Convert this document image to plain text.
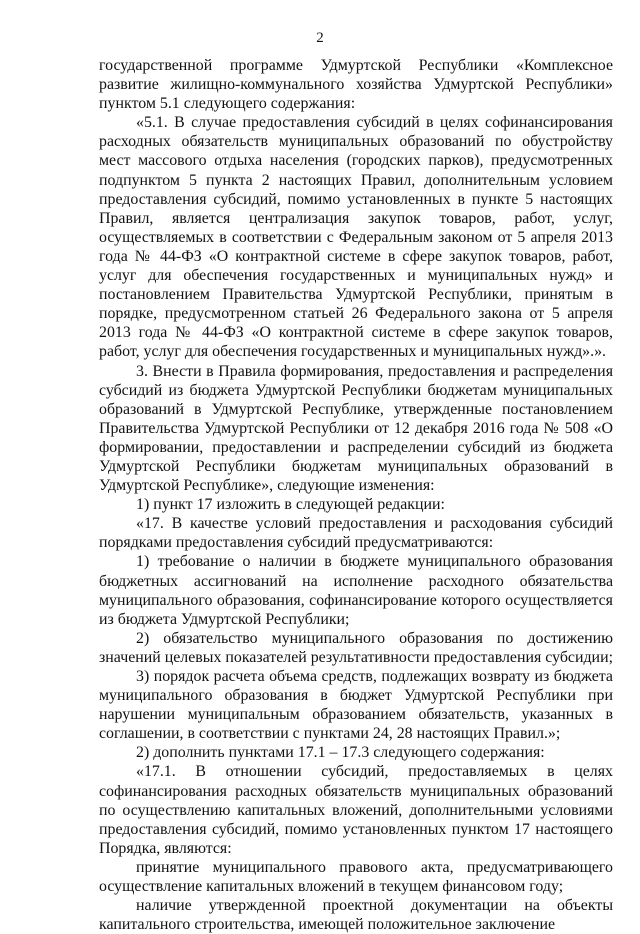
2

государственной программе Удмуртской Республики «Комплексное развитие жилищно-коммунального хозяйства Удмуртской Республики» пунктом 5.1 следующего содержания:

«5.1. В случае предоставления субсидий в целях софинансирования расходных обязательств муниципальных образований по обустройству мест массового отдыха населения (городских парков), предусмотренных подпунктом 5 пункта 2 настоящих Правил, дополнительным условием предоставления субсидий, помимо установленных в пункте 5 настоящих Правил, является централизация закупок товаров, работ, услуг, осуществляемых в соответствии с Федеральным законом от 5 апреля 2013 года № 44-ФЗ «О контрактной системе в сфере закупок товаров, работ, услуг для обеспечения государственных и муниципальных нужд» и постановлением Правительства Удмуртской Республики, принятым в порядке, предусмотренном статьей 26 Федерального закона от 5 апреля 2013 года № 44-ФЗ «О контрактной системе в сфере закупок товаров, работ, услуг для обеспечения государственных и муниципальных нужд».».

3. Внести в Правила формирования, предоставления и распределения субсидий из бюджета Удмуртской Республики бюджетам муниципальных образований в Удмуртской Республике, утвержденные постановлением Правительства Удмуртской Республики от 12 декабря 2016 года № 508 «О формировании, предоставлении и распределении субсидий из бюджета Удмуртской Республики бюджетам муниципальных образований в Удмуртской Республике», следующие изменения:

1) пункт 17 изложить в следующей редакции:

«17. В качестве условий предоставления и расходования субсидий порядками предоставления субсидий предусматриваются:

1) требование о наличии в бюджете муниципального образования бюджетных ассигнований на исполнение расходного обязательства муниципального образования, софинансирование которого осуществляется из бюджета Удмуртской Республики;

2) обязательство муниципального образования по достижению значений целевых показателей результативности предоставления субсидии;

3) порядок расчета объема средств, подлежащих возврату из бюджета муниципального образования в бюджет Удмуртской Республики при нарушении муниципальным образованием обязательств, указанных в соглашении, в соответствии с пунктами 24, 28 настоящих Правил.»;

2) дополнить пунктами 17.1 – 17.3 следующего содержания:

«17.1. В отношении субсидий, предоставляемых в целях софинансирования расходных обязательств муниципальных образований по осуществлению капитальных вложений, дополнительными условиями предоставления субсидий, помимо установленных пунктом 17 настоящего Порядка, являются:

принятие муниципального правового акта, предусматривающего осуществление капитальных вложений в текущем финансовом году;

наличие утвержденной проектной документации на объекты капитального строительства, имеющей положительное заключение
